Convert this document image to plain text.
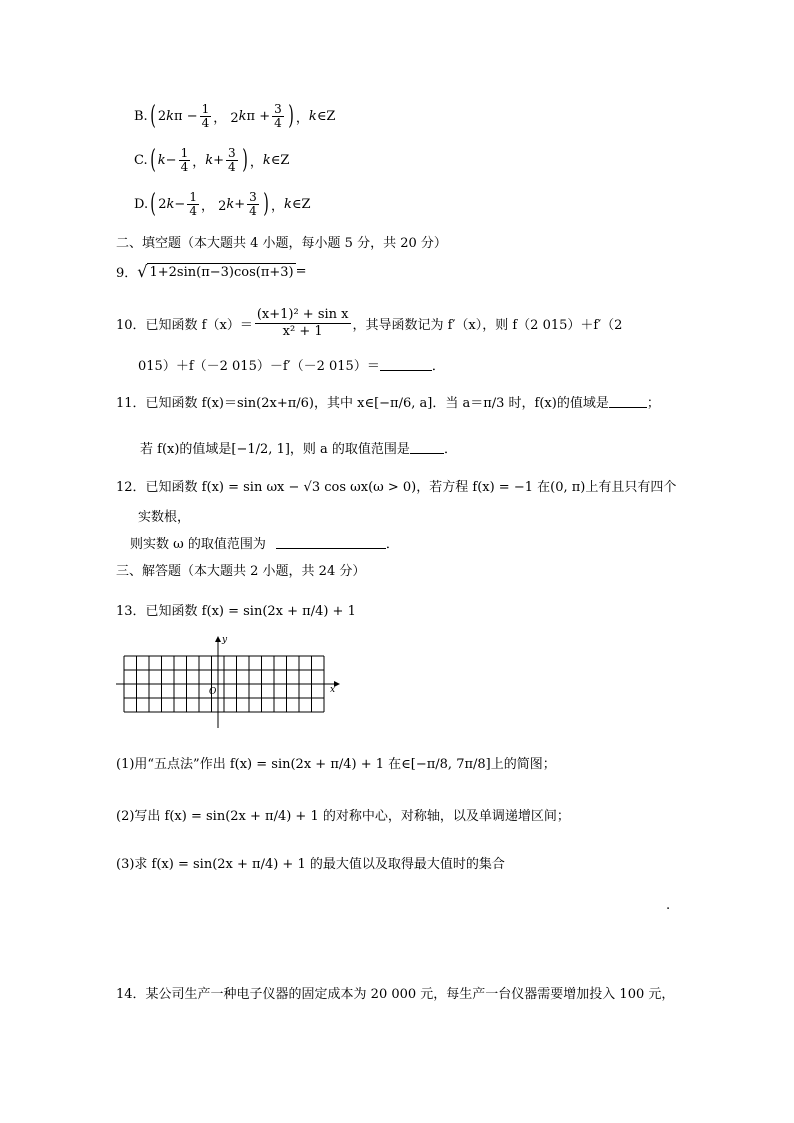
B. ( 2 k $\pi - \frac{1}{4}$ ， 2 k $\pi + \frac{3}{4}$ ) ， k ∈Z
C. ( $k - \frac{1}{4}$ ， $k + \frac{3}{4}$ ) ， k ∈Z
D. ( 2 $k - \frac{1}{4}$ ， 2 $k + \frac{3}{4}$ ) ， k ∈Z
二、填空题（本大题共 4 小题，每小题 5 分，共 20 分）
9． √ 1+2sin(π−3)cos(π+3) =
10． 已知函数 $f(x)= \frac{\text{(x+1)² + sin x}}{\text{x² + 1}}$ ，其导函数记为 f′（x），则 f（2 015）＋f′（2
015）＋f（－2 015）－f′（－2 015）＝	．
11． 已知函数 f(x)＝sin(2x+π/6)，其中 x∈[−π/6, a]．当 a＝π/3 时，f(x)的值域是	；
若 f(x)的值域是[−1/2, 1]，则 a 的取值范围是	．
12． 已知函数 f(x) = sin ωx − √3 cos ωx(ω > 0)，若方程 f(x) = −1 在(0, π)上有且只有四个
实数根，
则实数 ω 的取值范围为	．
三、解答题（本大题共 2 小题，共 24 分）
13． 已知函数 f(x) = sin(2x + π/4) + 1
y
x
O
(1)用“五点法”作出 f(x) = sin(2x + π/4) + 1 在∈[−π/8, 7π/8]上的简图；
(2)写出 f(x) = sin(2x + π/4) + 1 的对称中心，对称轴，以及单调递增区间；
(3)求 f(x) = sin(2x + π/4) + 1 的最大值以及取得最大值时的集合
.
14．某公司生产一种电子仪器的固定成本为 20 000 元，每生产一台仪器需要增加投入 100 元，
